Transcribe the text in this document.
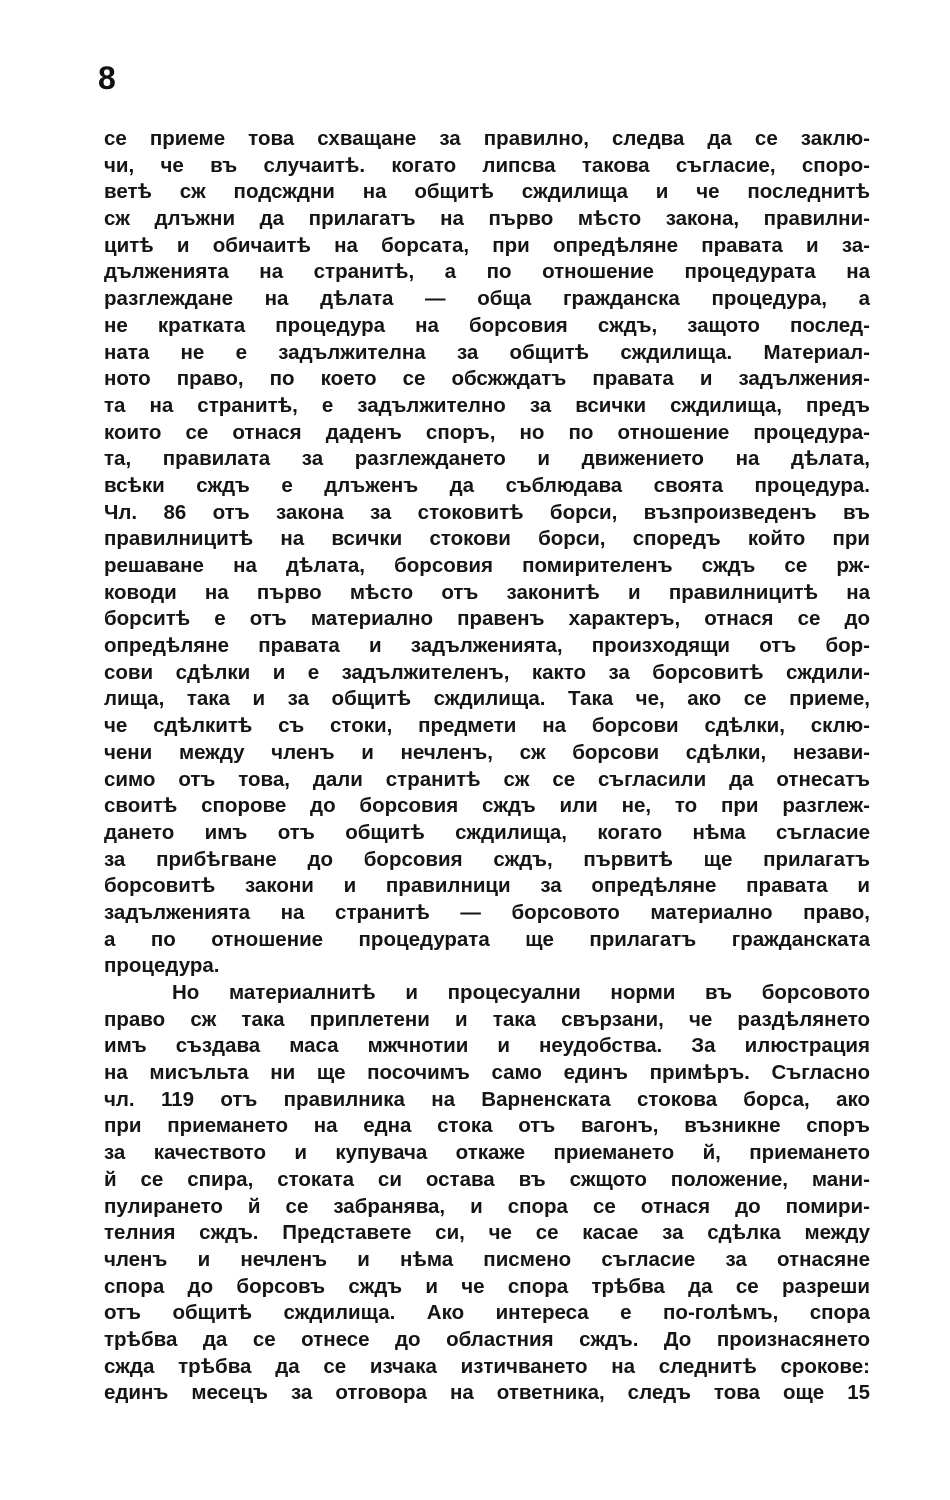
8
се приеме това схващане за правилно, следва да се заклю-
чи, че въ случаитѣ. когато липсва такова съгласие, споро-
ветѣ сж подсждни на общитѣ сждилища и че последнитѣ
сж длъжни да прилагатъ на първо мѣсто закона, правилни-
цитѣ и обичаитѣ на борсата, при опредѣляне правата и за-
дълженията на странитѣ, а по отношение процедурата на
разглеждане на дѣлата — обща гражданска процедура, а
не кратката процедура на борсовия сждъ, защото послед-
ната не е задължителна за общитѣ сждилища. Материал-
ното право, по което се обсжждатъ правата и задължения-
та на странитѣ, е задължително за всички сждилища, предъ
които се отнася даденъ споръ, но по отношение процедура-
та, правилата за разглеждането и движението на дѣлата,
всѣки сждъ е длъженъ да съблюдава своята процедура.
Чл. 86 отъ закона за стоковитѣ борси, възпроизведенъ въ
правилницитѣ на всички стокови борси, споредъ който при
решаване на дѣлата, борсовия помирителенъ сждъ се рж-
ководи на първо мѣсто отъ законитѣ и правилницитѣ на
борситѣ е отъ материално правенъ характеръ, отнася се до
опредѣляне правата и задълженията, произходящи отъ бор-
сови сдѣлки и е задължителенъ, както за борсовитѣ сждили-
лища, така и за общитѣ сждилища. Така че, ако се приеме,
че сдѣлкитѣ съ стоки, предмети на борсови сдѣлки, склю-
чени между членъ и нечленъ, сж борсови сдѣлки, незави-
симо отъ това, дали странитѣ сж се съгласили да отнесатъ
своитѣ спорове до борсовия сждъ или не, то при разглеж-
дането имъ отъ общитѣ сждилища, когато нѣма съгласие
за прибѣгване до борсовия сждъ, първитѣ ще прилагатъ
борсовитѣ закони и правилници за опредѣляне правата и
задълженията на странитѣ — борсовото материално право,
а по отношение процедурата ще прилагатъ гражданската
процедура.
Но материалнитѣ и процесуални норми въ борсовото
право сж така приплетени и така свързани, че раздѣлянето
имъ създава маса мжчнотии и неудобства. За илюстрация
на мисъльта ни ще посочимъ само единъ примѣръ. Съгласно
чл. 119 отъ правилника на Варненската стокова борса, ако
при приемането на една стока отъ вагонъ, възникне споръ
за качеството и купувача откаже приемането й, приемането
й се спира, стоката си остава въ сжщото положение, мани-
пулирането й се забранява, и спора се отнася до помири-
телния сждъ. Представете си, че се касае за сдѣлка между
членъ и нечленъ и нѣма писмено съгласие за отнасяне
спора до борсовъ сждъ и че спора трѣбва да се разреши
отъ общитѣ сждилища. Ако интереса е по-голѣмъ, спора
трѣбва да се отнесе до областния сждъ. До произнасянето
сжда трѣбва да се изчака изтичването на следнитѣ срокове:
единъ месецъ за отговора на ответника, следъ това още 15
